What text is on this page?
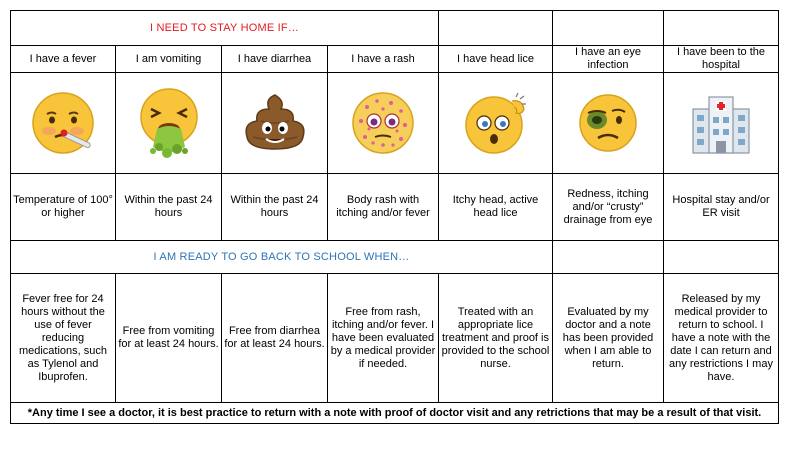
I NEED TO STAY HOME IF…						
I have a fever	I am vomiting	I have diarrhea	I have a rash	I have head lice	I have an eye infection	I have been to the hospital

Temperature of 100° or higher	Within the past 24 hours	Within the past 24 hours	Body rash with itching and/or fever	Itchy head, active head lice	Redness, itching and/or “crusty” drainage from eye	Hospital stay and/or ER visit
I AM READY TO GO BACK TO SCHOOL WHEN…						
Fever free for 24 hours without the use of fever reducing medications, such as Tylenol and Ibuprofen.	Free from vomiting for at least 24 hours.	Free from diarrhea for at least 24 hours.	Free from rash, itching and/or fever. I have been evaluated by a medical provider if needed.	Treated with an appropriate lice treatment and proof is provided to the school nurse.	Evaluated by my doctor and a note has been provided when I am able to return.	Released by my medical provider to return to school. I have a note with the date I can return and any restrictions I may have.
*Any time I see a doctor, it is best practice to return with a note with proof of doctor visit and any retrictions that may be a result of that visit.						
